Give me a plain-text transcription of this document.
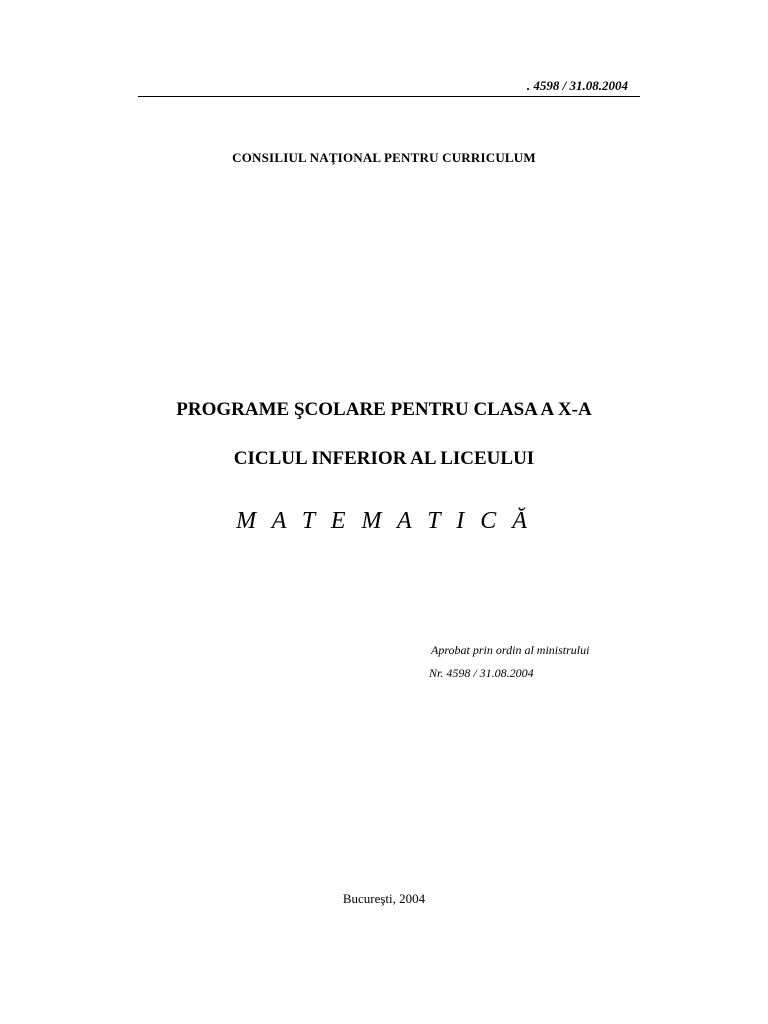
. 4598 / 31.08.2004
CONSILIUL NAŢIONAL PENTRU CURRICULUM
PROGRAME ŞCOLARE PENTRU CLASA A X-A
CICLUL INFERIOR AL LICEULUI
M A T E M A T I C Ă
Aprobat prin ordin al ministrului
Nr. 4598 / 31.08.2004
Bucureşti, 2004
